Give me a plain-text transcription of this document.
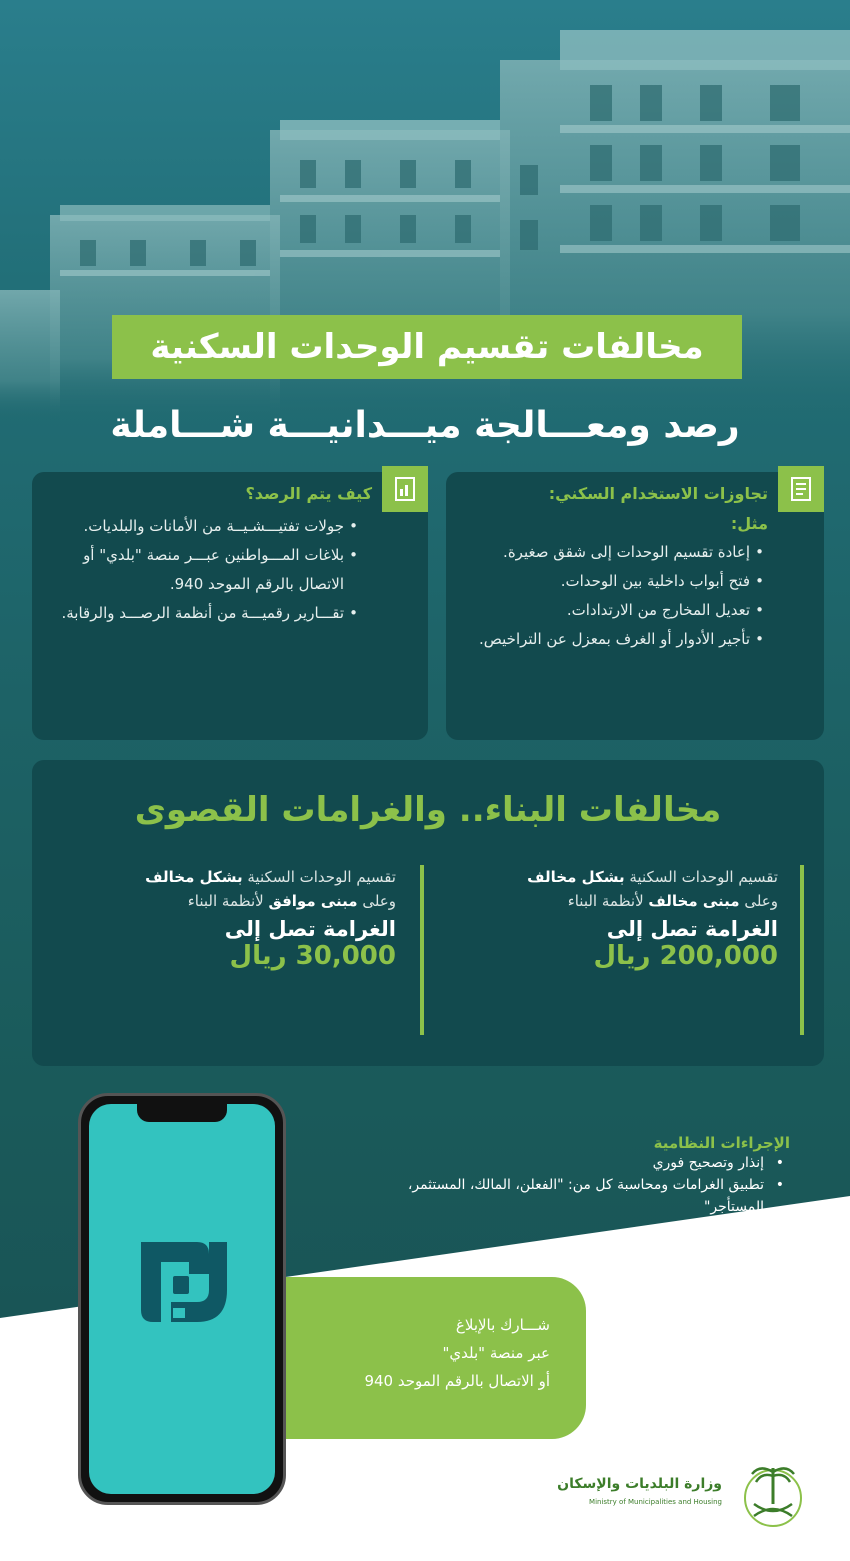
مخالفات تقسيم الوحدات السكنية
رصد ومعـــالجة ميـــدانيـــة شـــاملة
تجاوزات الاستخدام السكني:
مثل:
• إعادة تقسيم الوحدات إلى شقق صغيرة.
• فتح أبواب داخلية بين الوحدات.
• تعديل المخارج من الارتدادات.
• تأجير الأدوار أو الغرف بمعزل عن التراخيص.
كيف يتم الرصد؟
• جولات تفتيـــشـيــة من الأمانات والبلديات.
• بلاغات المـــواطنين عبـــر منصة "بلدي" أو الاتصال بالرقم الموحد 940.
• تقـــارير رقميـــة من أنظمة الرصـــد والرقابة.
مخالفات البناء.. والغرامات القصوى
تقسيم الوحدات السكنية بشكل مخالف
وعلى مبنى مخالف لأنظمة البناء
الغرامة تصل إلى
200,000 ريال
تقسيم الوحدات السكنية بشكل مخالف
وعلى مبنى موافق لأنظمة البناء
الغرامة تصل إلى
30,000 ريال
الإجراءات النظامية
• إنذار وتصحيح فوري
• تطبيق الغرامات ومحاسبة كل من: "الفعلن، المالك، المستثمر، المستأجر"
شـــارك بالإبلاغ
عبر منصة "بلدي"
أو الاتصال بالرقم الموحد 940
وزارة البلديات والإسكان
Ministry of Municipalities and Housing
